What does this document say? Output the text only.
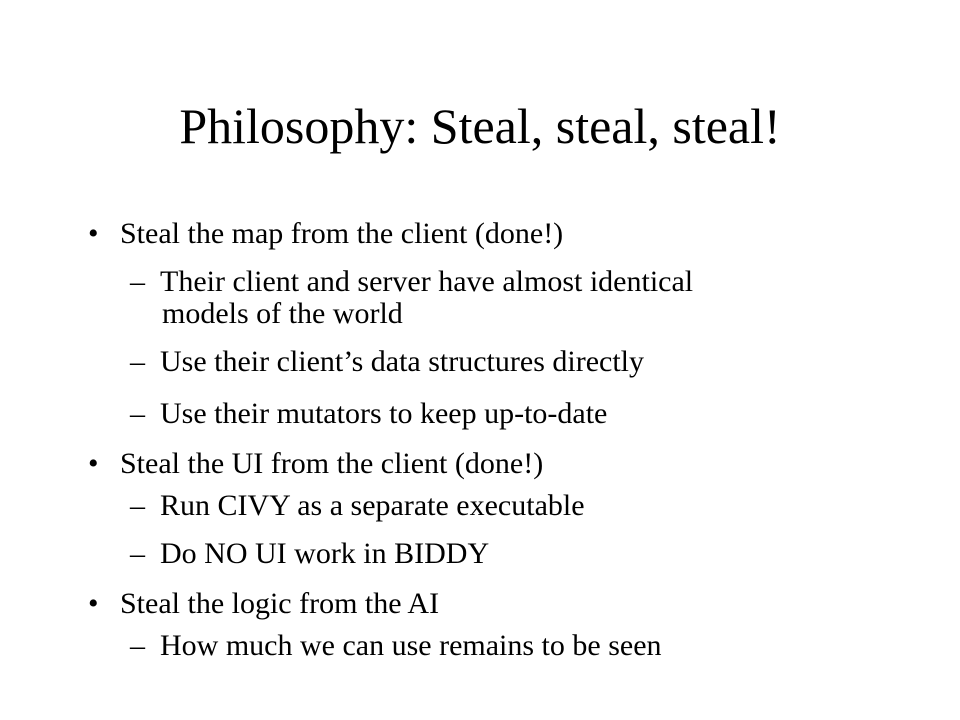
Philosophy: Steal, steal, steal!
• Steal the map from the client (done!)
– Their client and server have almost identical
models of the world
– Use their client’s data structures directly
– Use their mutators to keep up-to-date
• Steal the UI from the client (done!)
– Run CIVY as a separate executable
– Do NO UI work in BIDDY
• Steal the logic from the AI
– How much we can use remains to be seen
